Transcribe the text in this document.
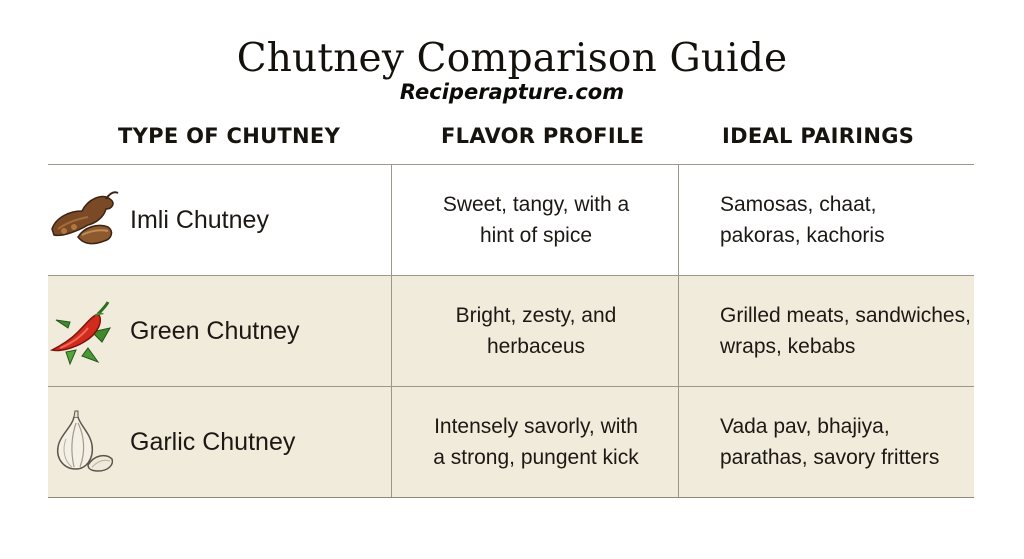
Chutney Comparison Guide
Reciperapture.com
TYPE OF CHUTNEY	FLAVOR PROFILE	IDEAL PAIRINGS
Imli Chutney
Sweet, tangy, with a
hint of spice
Samosas, chaat,
pakoras, kachoris
Green Chutney
Bright, zesty, and
herbaceus
Grilled meats, sandwiches,
wraps, kebabs
Garlic Chutney
Intensely savorly, with
a strong, pungent kick
Vada pav, bhajiya,
parathas, savory fritters
